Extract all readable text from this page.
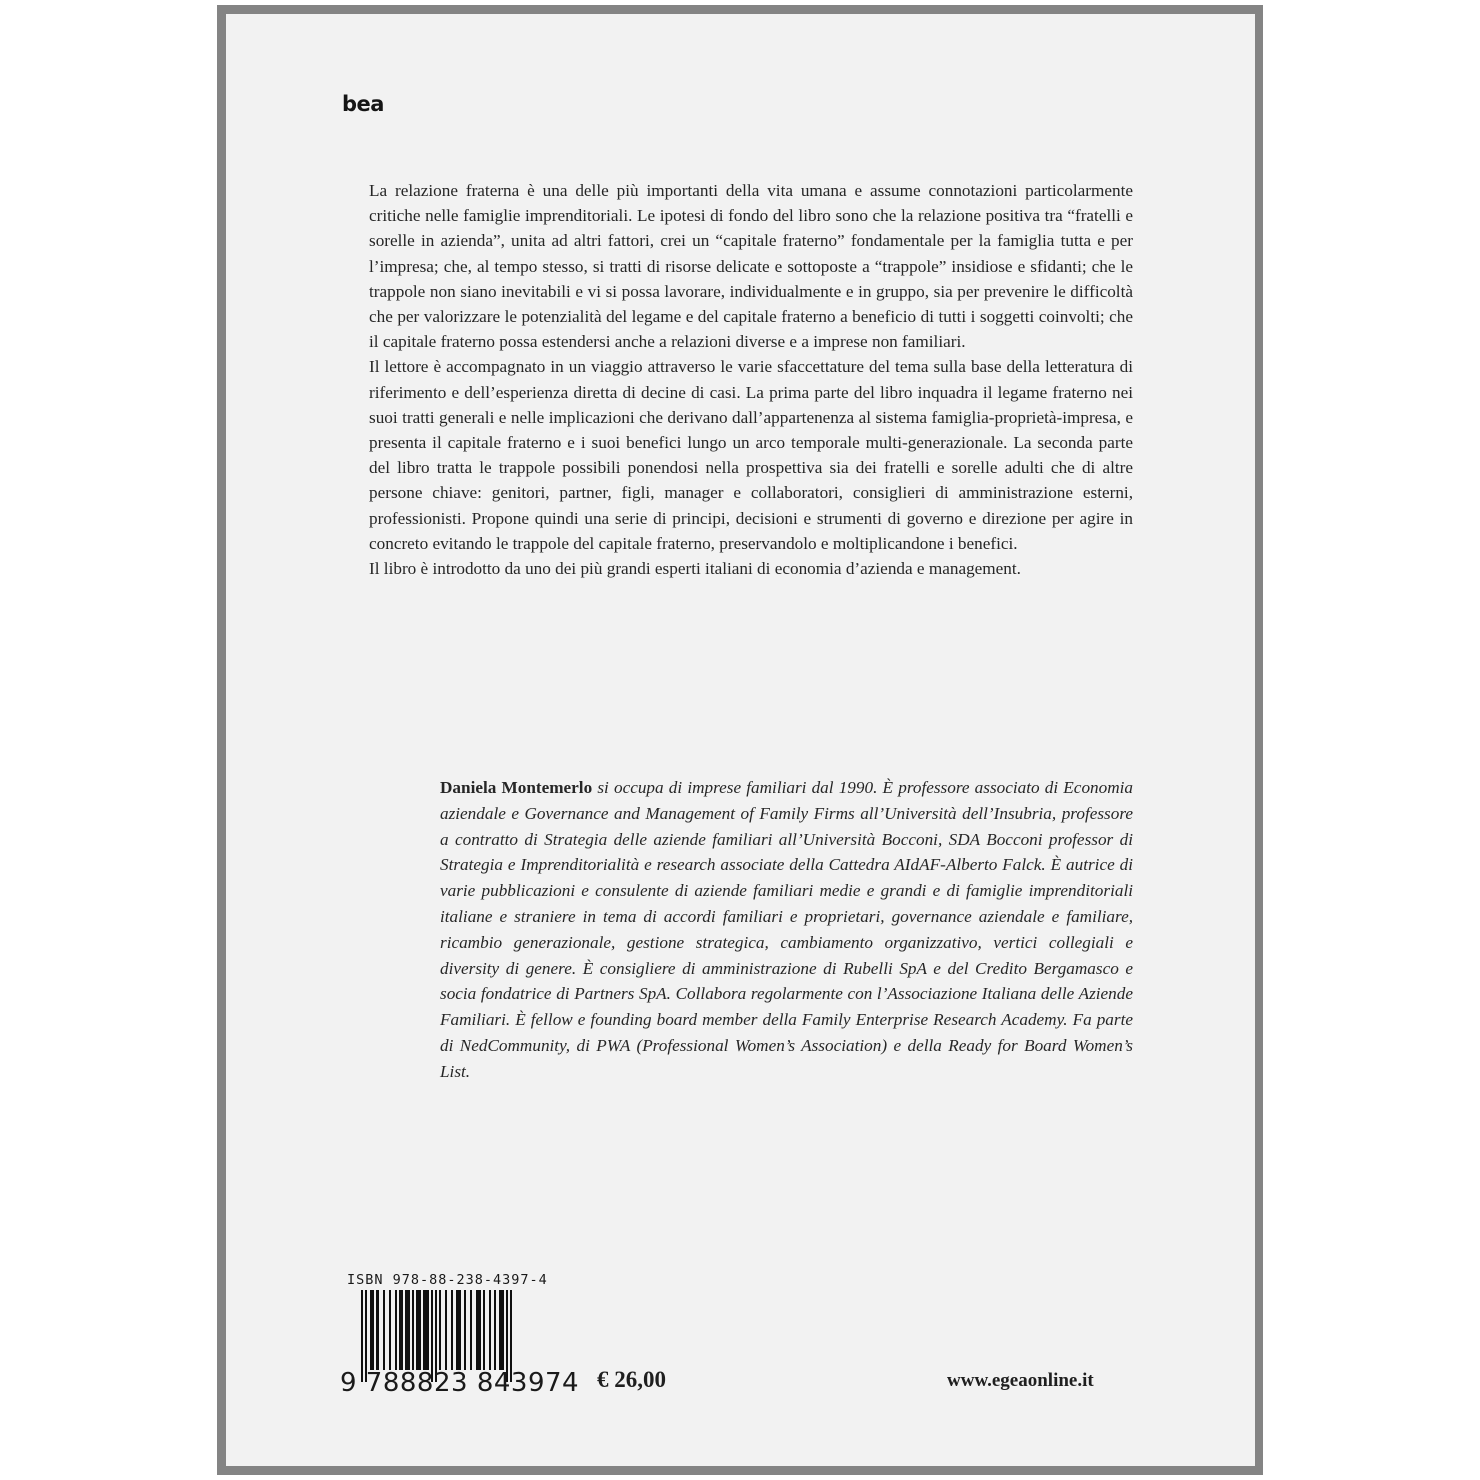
bea

La relazione fraterna è una delle più importanti della vita umana e assume connotazioni particolarmente critiche nelle famiglie imprenditoriali. Le ipotesi di fondo del libro sono che la relazione positiva tra “fratelli e sorelle in azienda”, unita ad altri fattori, crei un “capitale fraterno” fondamentale per la famiglia tutta e per l’impresa; che, al tempo stesso, si tratti di risorse delicate e sottoposte a “trappole” insidiose e sfidanti; che le trappole non siano inevitabili e vi si possa lavorare, individualmente e in gruppo, sia per prevenire le difficoltà che per valorizzare le potenzialità del legame e del capitale fraterno a beneficio di tutti i soggetti coinvolti; che il capitale fraterno possa estendersi anche a relazioni diverse e a imprese non familiari.

Il lettore è accompagnato in un viaggio attraverso le varie sfaccettature del tema sulla base della letteratura di riferimento e dell’esperienza diretta di decine di casi. La prima parte del libro inquadra il legame fraterno nei suoi tratti generali e nelle implicazioni che derivano dall’appartenenza al sistema famiglia-proprietà-impresa, e presenta il capitale fraterno e i suoi benefici lungo un arco temporale multi-generazionale. La seconda parte del libro tratta le trappole possibili ponendosi nella prospettiva sia dei fratelli e sorelle adulti che di altre persone chiave: genitori, partner, figli, manager e collaboratori, consiglieri di amministrazione esterni, professionisti. Propone quindi una serie di principi, decisioni e strumenti di governo e direzione per agire in concreto evitando le trappole del capitale fraterno, preservandolo e moltiplicandone i benefici.

Il libro è introdotto da uno dei più grandi esperti italiani di economia d’azienda e management.

Daniela Montemerlo si occupa di imprese familiari dal 1990. È professore associato di Economia aziendale e Governance and Management of Family Firms all’Università dell’Insubria, professore a contratto di Strategia delle aziende familiari all’Università Bocconi, SDA Bocconi professor di Strategia e Imprenditorialità e research associate della Cattedra AIdAF-Alberto Falck. È autrice di varie pubblicazioni e consulente di aziende familiari medie e grandi e di famiglie imprenditoriali italiane e straniere in tema di accordi familiari e proprietari, governance aziendale e familiare, ricambio generazionale, gestione strategica, cambiamento organizzativo, vertici collegiali e diversity di genere. È consigliere di amministrazione di Rubelli SpA e del Credito Bergamasco e socia fondatrice di Partners SpA. Collabora regolarmente con l’Associazione Italiana delle Aziende Familiari. È fellow e founding board member della Family Enterprise Research Academy. Fa parte di NedCommunity, di PWA (Professional Women’s Association) e della Ready for Board Women’s List.
ISBN 978-88-238-4397-4
9 788823 843974 € 26,00	www.egeaonline.it
